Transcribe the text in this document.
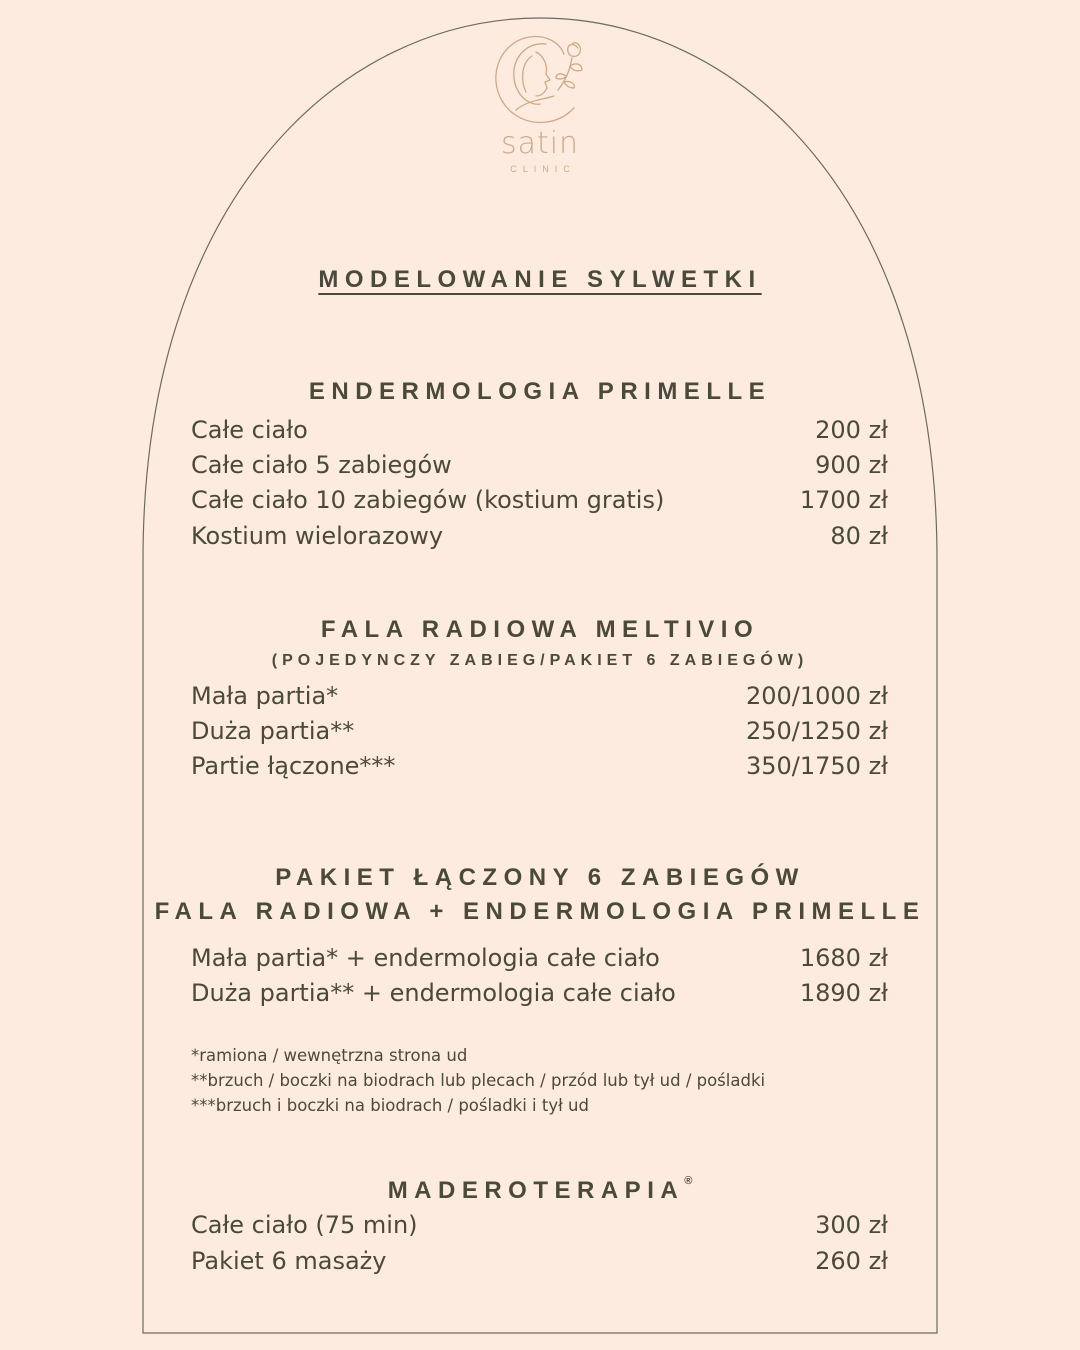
satin
CLINIC
MODELOWANIE SYLWETKI
ENDERMOLOGIA PRIMELLE
Całe ciało	200 zł
Całe ciało 5 zabiegów	900 zł
Całe ciało 10 zabiegów (kostium gratis)	1700 zł
Kostium wielorazowy	80 zł
FALA RADIOWA MELTIVIO
(POJEDYNCZY ZABIEG/PAKIET 6 ZABIEGÓW)
Mała partia*	200/1000 zł
Duża partia**	250/1250 zł
Partie łączone***	350/1750 zł
PAKIET ŁĄCZONY 6 ZABIEGÓW
FALA RADIOWA + ENDERMOLOGIA PRIMELLE
Mała partia* + endermologia całe ciało	1680 zł
Duża partia** + endermologia całe ciało	1890 zł
*ramiona / wewnętrzna strona ud
**brzuch / boczki na biodrach lub plecach / przód lub tył ud / pośladki
***brzuch i boczki na biodrach / pośladki i tył ud
MADEROTERAPIA®
Całe ciało (75 min)	300 zł
Pakiet 6 masaży	260 zł
